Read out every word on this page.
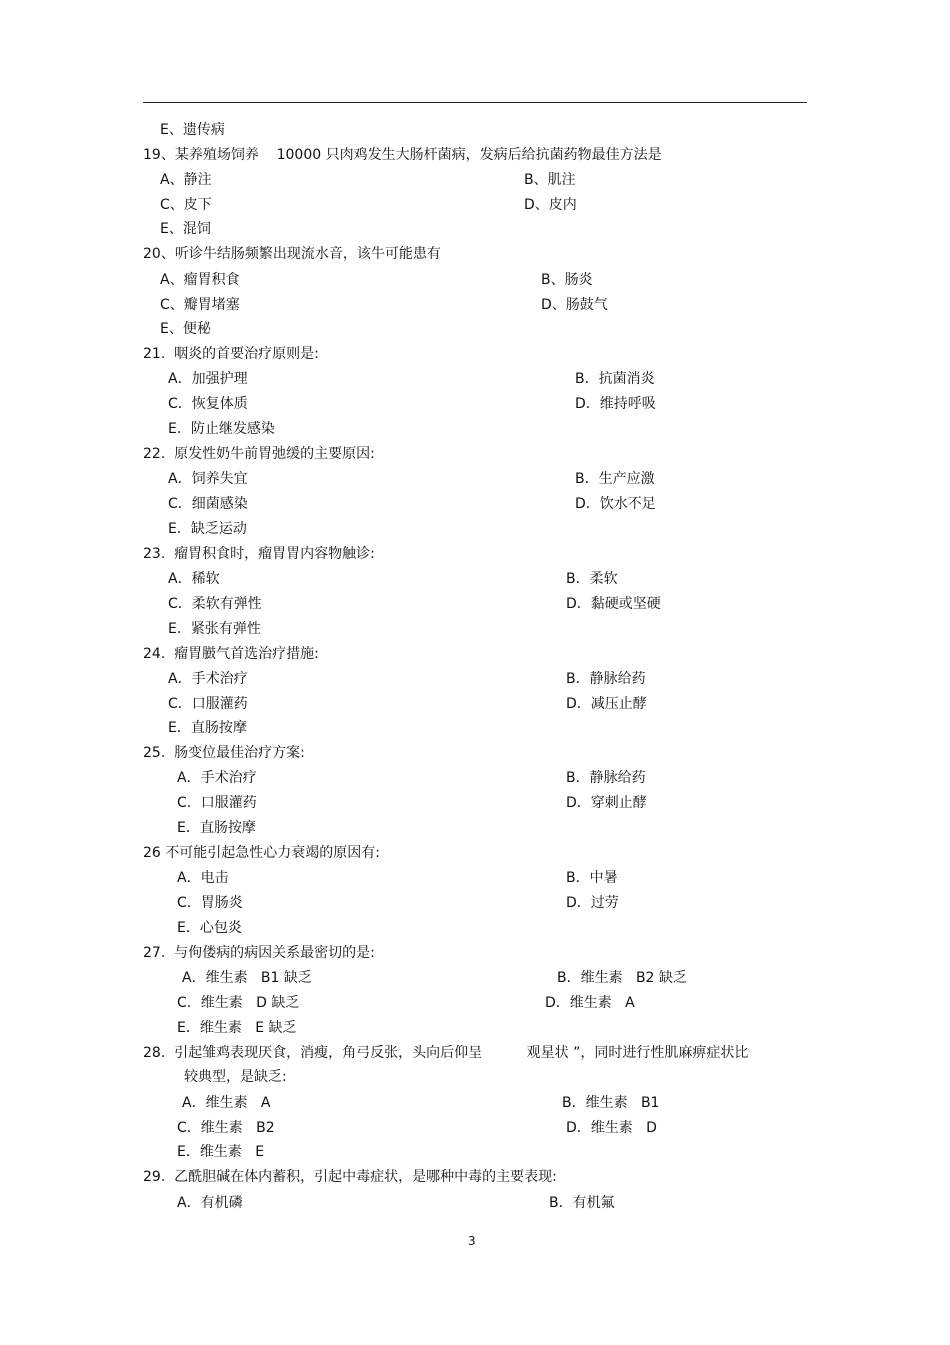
E、遗传病
19、某养殖场饲养    10000 只肉鸡发生大肠杆菌病，发病后给抗菌药物最佳方法是
A、静注	B、肌注
C、皮下	D、皮内
E、混饲
20、听诊牛结肠频繁出现流水音，该牛可能患有
A、瘤胃积食	B、肠炎
C、瓣胃堵塞	D、肠鼓气
E、便秘
21.  咽炎的首要治疗原则是:
A．加强护理	B．抗菌消炎
C．恢复体质	D．维持呼吸
E．防止继发感染
22.  原发性奶牛前胃弛缓的主要原因:
A．饲养失宜	B．生产应激
C．细菌感染	D．饮水不足
E．缺乏运动
23.  瘤胃积食时，瘤胃胃内容物触诊:
A．稀软	B．柔软
C．柔软有弹性	D．黏硬或坚硬
E．紧张有弹性
24.  瘤胃臌气首选治疗措施:
A．手术治疗	B．静脉给药
C．口服灌药	D．减压止酵
E．直肠按摩
25.  肠变位最佳治疗方案:
A．手术治疗	B．静脉给药
C．口服灌药	D．穿刺止酵
E．直肠按摩
26 不可能引起急性心力衰竭的原因有:
A．电击	B．中暑
C．胃肠炎	D．过劳
E．心包炎
27.  与佝偻病的病因关系最密切的是:
A．维生素   B1 缺乏	B．维生素   B2 缺乏
C．维生素   D 缺乏	D．维生素   A
E．维生素   E 缺乏
28.  引起雏鸡表现厌食，消瘦，角弓反张，头向后仰呈          观星状 ”，同时进行性肌麻痹症状比
较典型，是缺乏:
A．维生素   A	B．维生素   B1
C．维生素   B2	D．维生素   D
E．维生素   E
29.  乙酰胆碱在体内蓄积，引起中毒症状，是哪种中毒的主要表现:
A．有机磷	B．有机氟
3
